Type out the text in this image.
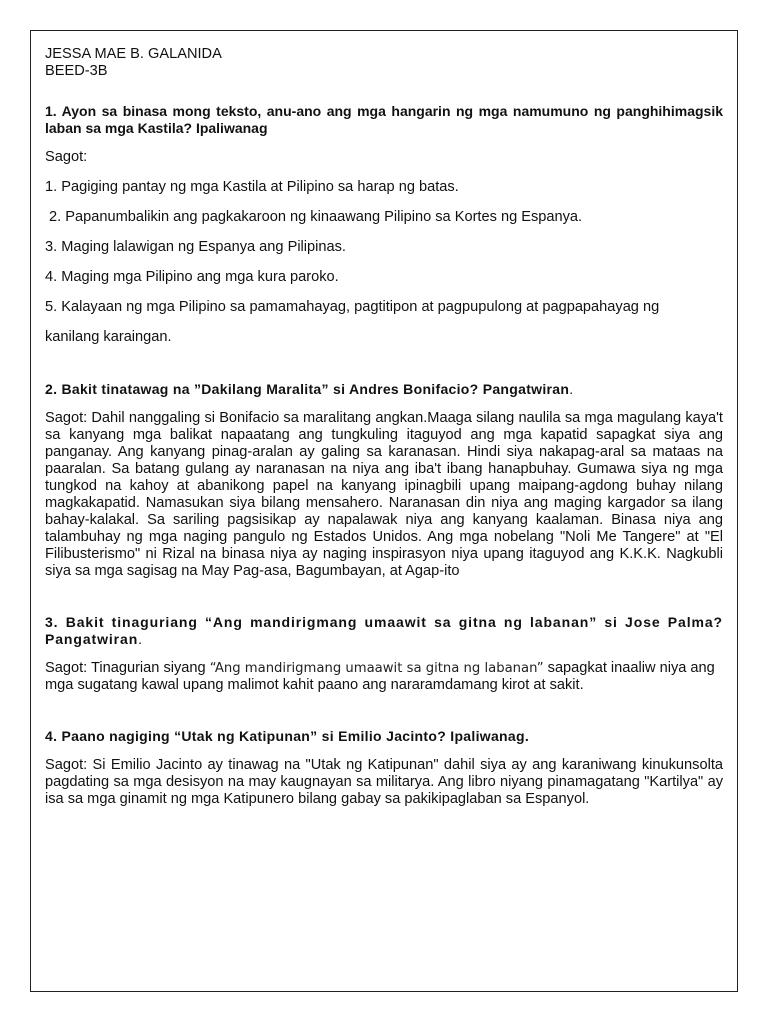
JESSA MAE B. GALANIDA

BEED-3B

1. Ayon sa binasa mong teksto, anu-ano ang mga hangarin ng mga namumuno ng panghihimagsik laban sa mga Kastila? Ipaliwanag

Sagot:

1. Pagiging pantay ng mga Kastila at Pilipino sa harap ng batas.

2. Papanumbalikin ang pagkakaroon ng kinaawang Pilipino sa Kortes ng Espanya.

3. Maging lalawigan ng Espanya ang Pilipinas.

4. Maging mga Pilipino ang mga kura paroko.

5. Kalayaan ng mga Pilipino sa pamamahayag, pagtitipon at pagpupulong at pagpapahayag ng

kanilang karaingan.

2. Bakit tinatawag na ”Dakilang Maralita” si Andres Bonifacio? Pangatwiran.

Sagot: Dahil nanggaling si Bonifacio sa maralitang angkan.Maaga silang naulila sa mga magulang kaya't sa kanyang mga balikat napaatang ang tungkuling itaguyod ang mga kapatid sapagkat siya ang panganay. Ang kanyang pinag-aralan ay galing sa karanasan. Hindi siya nakapag-aral sa mataas na paaralan. Sa batang gulang ay naranasan na niya ang iba't ibang hanapbuhay. Gumawa siya ng mga tungkod na kahoy at abanikong papel na kanyang ipinagbili upang maipang-agdong buhay nilang magkakapatid. Namasukan siya bilang mensahero. Naranasan din niya ang maging kargador sa ilang bahay-kalakal. Sa sariling pagsisikap ay napalawak niya ang kanyang kaalaman. Binasa niya ang talambuhay ng mga naging pangulo ng Estados Unidos. Ang mga nobelang "Noli Me Tangere" at "El Filibusterismo" ni Rizal na binasa niya ay naging inspirasyon niya upang itaguyod ang K.K.K. Nagkubli siya sa mga sagisag na May Pag-asa, Bagumbayan, at Agap-ito

3. Bakit tinaguriang “Ang mandirigmang umaawit sa gitna ng labanan” si Jose Palma? Pangatwiran.

Sagot: Tinagurian siyang “Ang mandirigmang umaawit sa gitna ng labanan” sapagkat inaaliw niya ang mga sugatang kawal upang malimot kahit paano ang nararamdamang kirot at sakit.

4. Paano nagiging “Utak ng Katipunan” si Emilio Jacinto? Ipaliwanag.

Sagot: Si Emilio Jacinto ay tinawag na "Utak ng Katipunan" dahil siya ay ang karaniwang kinukunsolta pagdating sa mga desisyon na may kaugnayan sa militarya. Ang libro niyang pinamagatang "Kartilya" ay isa sa mga ginamit ng mga Katipunero bilang gabay sa pakikipaglaban sa Espanyol.
